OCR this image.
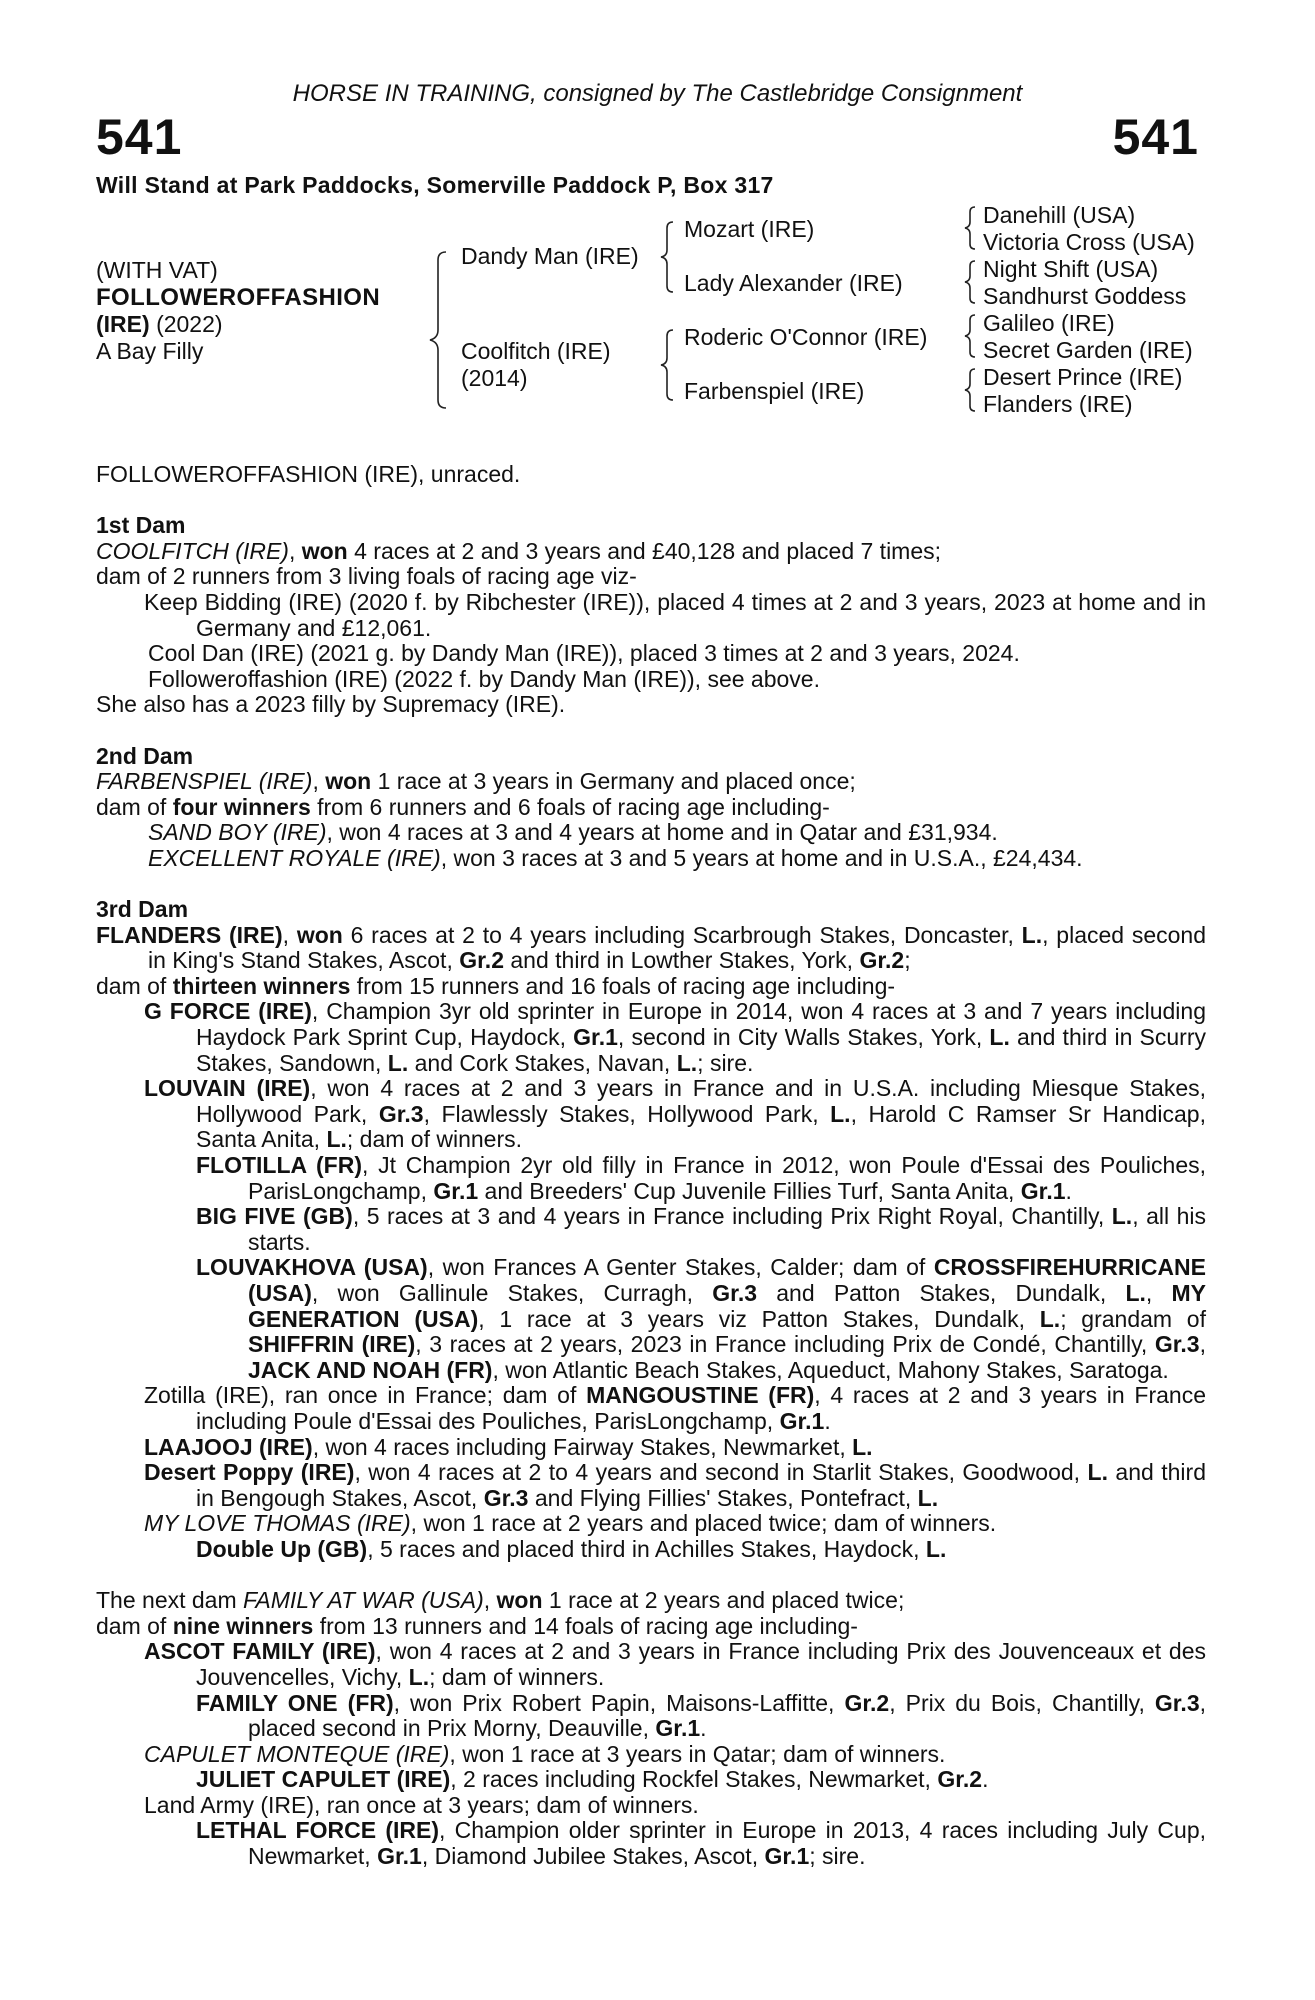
HORSE IN TRAINING, consigned by The Castlebridge Consignment
541	541
Will Stand at Park Paddocks, Somerville Paddock P, Box 317
(WITH VAT)
FOLLOWEROFFASHION
(IRE) (2022)
A Bay Filly
Dandy Man (IRE)
Coolfitch (IRE)
(2014)
Mozart (IRE)
Lady Alexander (IRE)
Roderic O'Connor (IRE)
Farbenspiel (IRE)
Danehill (USA)
Victoria Cross (USA)
Night Shift (USA)
Sandhurst Goddess
Galileo (IRE)
Secret Garden (IRE)
Desert Prince (IRE)
Flanders (IRE)

FOLLOWEROFFASHION (IRE), unraced.

1st Dam

COOLFITCH (IRE), won 4 races at 2 and 3 years and £40,128 and placed 7 times;

dam of 2 runners from 3 living foals of racing age viz-

Keep Bidding (IRE) (2020 f. by Ribchester (IRE)), placed 4 times at 2 and 3 years, 2023 at home and in Germany and £12,061.

Cool Dan (IRE) (2021 g. by Dandy Man (IRE)), placed 3 times at 2 and 3 years, 2024.

Followeroffashion (IRE) (2022 f. by Dandy Man (IRE)), see above.

She also has a 2023 filly by Supremacy (IRE).

2nd Dam

FARBENSPIEL (IRE), won 1 race at 3 years in Germany and placed once;

dam of four winners from 6 runners and 6 foals of racing age including-

SAND BOY (IRE), won 4 races at 3 and 4 years at home and in Qatar and £31,934.

EXCELLENT ROYALE (IRE), won 3 races at 3 and 5 years at home and in U.S.A., £24,434.

3rd Dam

FLANDERS (IRE), won 6 races at 2 to 4 years including Scarbrough Stakes, Doncaster, L., placed second in King's Stand Stakes, Ascot, Gr.2 and third in Lowther Stakes, York, Gr.2;

dam of thirteen winners from 15 runners and 16 foals of racing age including-

G FORCE (IRE), Champion 3yr old sprinter in Europe in 2014, won 4 races at 3 and 7 years including Haydock Park Sprint Cup, Haydock, Gr.1, second in City Walls Stakes, York, L. and third in Scurry Stakes, Sandown, L. and Cork Stakes, Navan, L.; sire.

LOUVAIN (IRE), won 4 races at 2 and 3 years in France and in U.S.A. including Miesque Stakes, Hollywood Park, Gr.3, Flawlessly Stakes, Hollywood Park, L., Harold C Ramser Sr Handicap, Santa Anita, L.; dam of winners.

FLOTILLA (FR), Jt Champion 2yr old filly in France in 2012, won Poule d'Essai des Pouliches, ParisLongchamp, Gr.1 and Breeders' Cup Juvenile Fillies Turf, Santa Anita, Gr.1.

BIG FIVE (GB), 5 races at 3 and 4 years in France including Prix Right Royal, Chantilly, L., all his starts.

LOUVAKHOVA (USA), won Frances A Genter Stakes, Calder; dam of CROSSFIREHURRICANE (USA), won Gallinule Stakes, Curragh, Gr.3 and Patton Stakes, Dundalk, L., MY GENERATION (USA), 1 race at 3 years viz Patton Stakes, Dundalk, L.; grandam of SHIFFRIN (IRE), 3 races at 2 years, 2023 in France including Prix de Condé, Chantilly, Gr.3, JACK AND NOAH (FR), won Atlantic Beach Stakes, Aqueduct, Mahony Stakes, Saratoga.

Zotilla (IRE), ran once in France; dam of MANGOUSTINE (FR), 4 races at 2 and 3 years in France including Poule d'Essai des Pouliches, ParisLongchamp, Gr.1.

LAAJOOJ (IRE), won 4 races including Fairway Stakes, Newmarket, L.

Desert Poppy (IRE), won 4 races at 2 to 4 years and second in Starlit Stakes, Goodwood, L. and third in Bengough Stakes, Ascot, Gr.3 and Flying Fillies' Stakes, Pontefract, L.

MY LOVE THOMAS (IRE), won 1 race at 2 years and placed twice; dam of winners.

Double Up (GB), 5 races and placed third in Achilles Stakes, Haydock, L.

The next dam FAMILY AT WAR (USA), won 1 race at 2 years and placed twice;

dam of nine winners from 13 runners and 14 foals of racing age including-

ASCOT FAMILY (IRE), won 4 races at 2 and 3 years in France including Prix des Jouvenceaux et des Jouvencelles, Vichy, L.; dam of winners.

FAMILY ONE (FR), won Prix Robert Papin, Maisons-Laffitte, Gr.2, Prix du Bois, Chantilly, Gr.3, placed second in Prix Morny, Deauville, Gr.1.

CAPULET MONTEQUE (IRE), won 1 race at 3 years in Qatar; dam of winners.

JULIET CAPULET (IRE), 2 races including Rockfel Stakes, Newmarket, Gr.2.

Land Army (IRE), ran once at 3 years; dam of winners.

LETHAL FORCE (IRE), Champion older sprinter in Europe in 2013, 4 races including July Cup, Newmarket, Gr.1, Diamond Jubilee Stakes, Ascot, Gr.1; sire.
